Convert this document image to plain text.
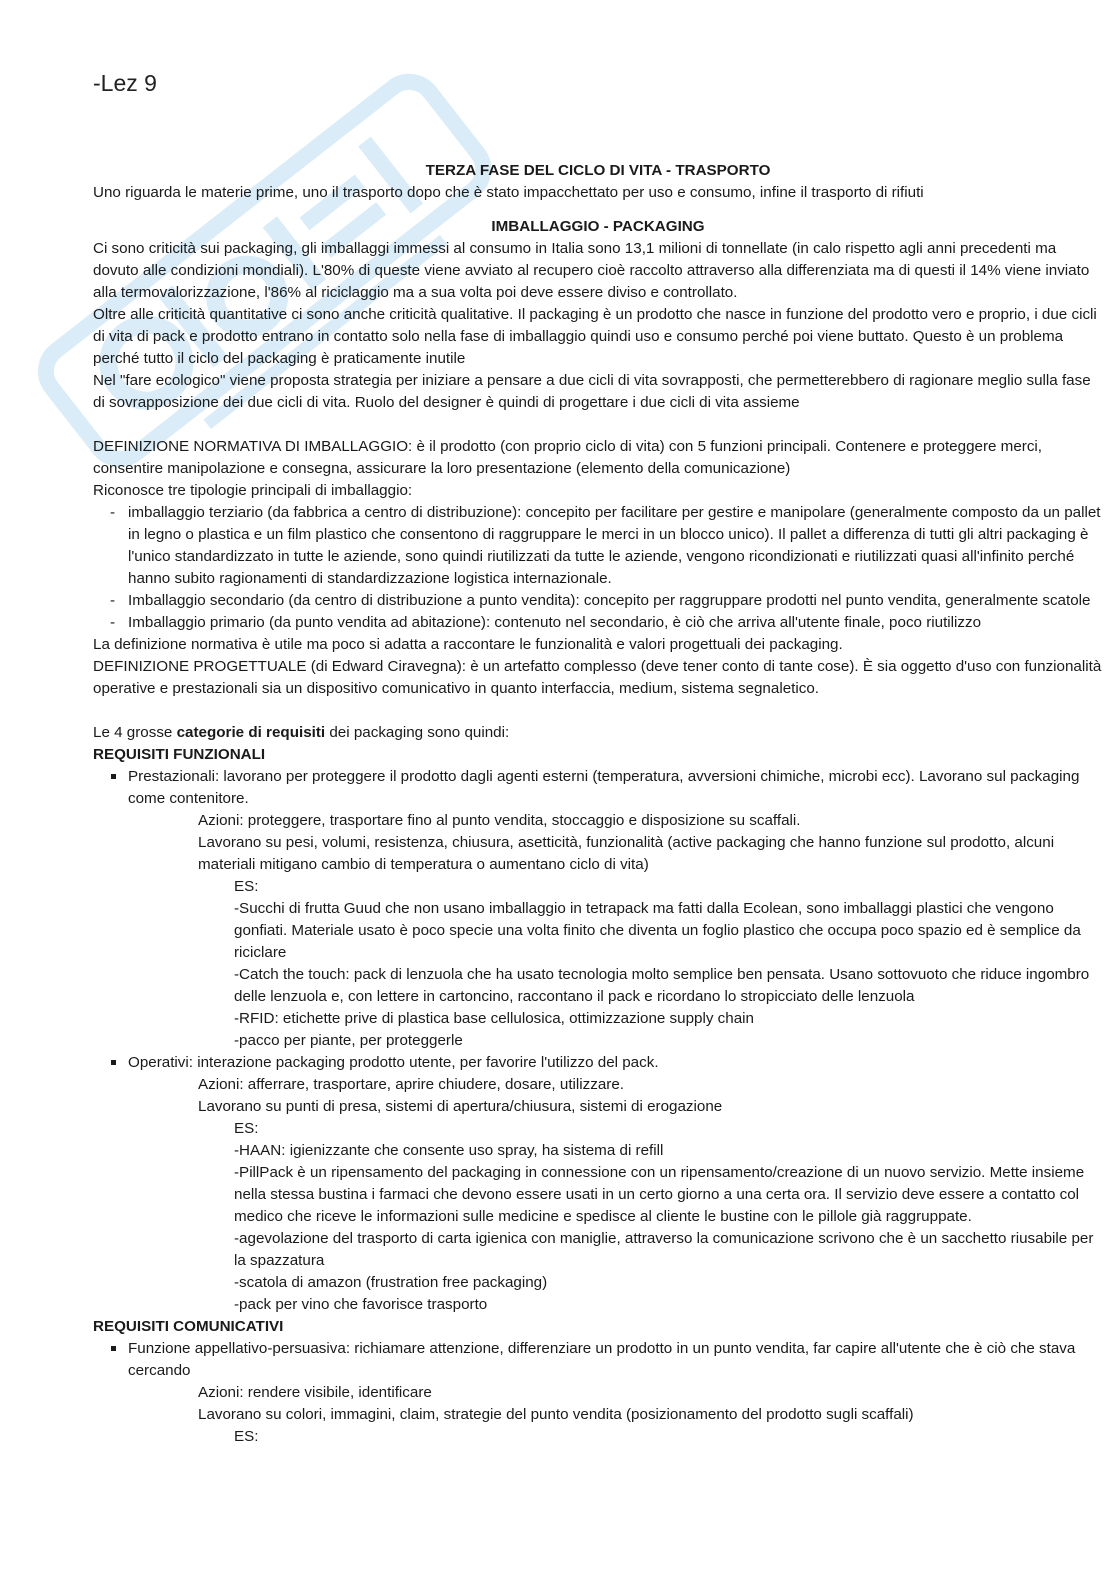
-Lez 9

TERZA FASE DEL CICLO DI VITA - TRASPORTO

Uno riguarda le materie prime, uno il trasporto dopo che è stato impacchettato per uso e consumo, infine il trasporto di rifiuti

IMBALLAGGIO - PACKAGING

Ci sono criticità sui packaging, gli imballaggi immessi al consumo in Italia sono 13,1 milioni di tonnellate (in calo rispetto agli anni precedenti ma dovuto alle condizioni mondiali). L'80% di queste viene avviato al recupero cioè raccolto attraverso alla differenziata ma di questi il 14% viene inviato alla termovalorizzazione, l'86% al riciclaggio ma a sua volta poi deve essere diviso e controllato.

Oltre alle criticità quantitative ci sono anche criticità qualitative. Il packaging è un prodotto che nasce in funzione del prodotto vero e proprio, i due cicli di vita di pack e prodotto entrano in contatto solo nella fase di imballaggio quindi uso e consumo perché poi viene buttato. Questo è un problema perché tutto il ciclo del packaging è praticamente inutile

Nel "fare ecologico" viene proposta strategia per iniziare a pensare a due cicli di vita sovrapposti, che permetterebbero di ragionare meglio sulla fase di sovrapposizione dei due cicli di vita. Ruolo del designer è quindi di progettare i due cicli di vita assieme

DEFINIZIONE NORMATIVA DI IMBALLAGGIO: è il prodotto (con proprio ciclo di vita) con 5 funzioni principali. Contenere e proteggere merci, consentire manipolazione e consegna, assicurare la loro presentazione (elemento della comunicazione)

Riconosce tre tipologie principali di imballaggio:

- imballaggio terziario (da fabbrica a centro di distribuzione): concepito per facilitare per gestire e manipolare (generalmente composto da un pallet in legno o plastica e un film plastico che consentono di raggruppare le merci in un blocco unico). Il pallet a differenza di tutti gli altri packaging è l'unico standardizzato in tutte le aziende, sono quindi riutilizzati da tutte le aziende, vengono ricondizionati e riutilizzati quasi all'infinito perché hanno subito ragionamenti di standardizzazione logistica internazionale.
- Imballaggio secondario (da centro di distribuzione a punto vendita): concepito per raggruppare prodotti nel punto vendita, generalmente scatole
- Imballaggio primario (da punto vendita ad abitazione): contenuto nel secondario, è ciò che arriva all'utente finale, poco riutilizzo

La definizione normativa è utile ma poco si adatta a raccontare le funzionalità e valori progettuali dei packaging.

DEFINIZIONE PROGETTUALE (di Edward Ciravegna): è un artefatto complesso (deve tener conto di tante cose). È sia oggetto d'uso con funzionalità operative e prestazionali sia un dispositivo comunicativo in quanto interfaccia, medium, sistema segnaletico.

Le 4 grosse categorie di requisiti dei packaging sono quindi:

REQUISITI FUNZIONALI

Prestazionali: lavorano per proteggere il prodotto dagli agenti esterni (temperatura, avversioni chimiche, microbi ecc). Lavorano sul packaging come contenitore.

Azioni: proteggere, trasportare fino al punto vendita, stoccaggio e disposizione su scaffali.

Lavorano su pesi, volumi, resistenza, chiusura, asetticità, funzionalità (active packaging che hanno funzione sul prodotto, alcuni materiali mitigano cambio di temperatura o aumentano ciclo di vita)

ES:

-Succhi di frutta Guud che non usano imballaggio in tetrapack ma fatti dalla Ecolean, sono imballaggi plastici che vengono gonfiati. Materiale usato è poco specie una volta finito che diventa un foglio plastico che occupa poco spazio ed è semplice da riciclare

-Catch the touch: pack di lenzuola che ha usato tecnologia molto semplice ben pensata. Usano sottovuoto che riduce ingombro delle lenzuola e, con lettere in cartoncino, raccontano il pack e ricordano lo stropicciato delle lenzuola

-RFID: etichette prive di plastica base cellulosica, ottimizzazione supply chain

-pacco per piante, per proteggerle

Operativi: interazione packaging prodotto utente, per favorire l'utilizzo del pack.

Azioni: afferrare, trasportare, aprire chiudere, dosare, utilizzare.

Lavorano su punti di presa, sistemi di apertura/chiusura, sistemi di erogazione

ES:

-HAAN: igienizzante che consente uso spray, ha sistema di refill

-PillPack è un ripensamento del packaging in connessione con un ripensamento/creazione di un nuovo servizio. Mette insieme nella stessa bustina i farmaci che devono essere usati in un certo giorno a una certa ora. Il servizio deve essere a contatto col medico che riceve le informazioni sulle medicine e spedisce al cliente le bustine con le pillole già raggruppate.

-agevolazione del trasporto di carta igienica con maniglie, attraverso la comunicazione scrivono che è un sacchetto riusabile per la spazzatura

-scatola di amazon (frustration free packaging)

-pack per vino che favorisce trasporto

REQUISITI COMUNICATIVI

Funzione appellativo-persuasiva: richiamare attenzione, differenziare un prodotto in un punto vendita, far capire all'utente che è ciò che stava cercando

Azioni: rendere visibile, identificare

Lavorano su colori, immagini, claim, strategie del punto vendita (posizionamento del prodotto sugli scaffali)

ES:
